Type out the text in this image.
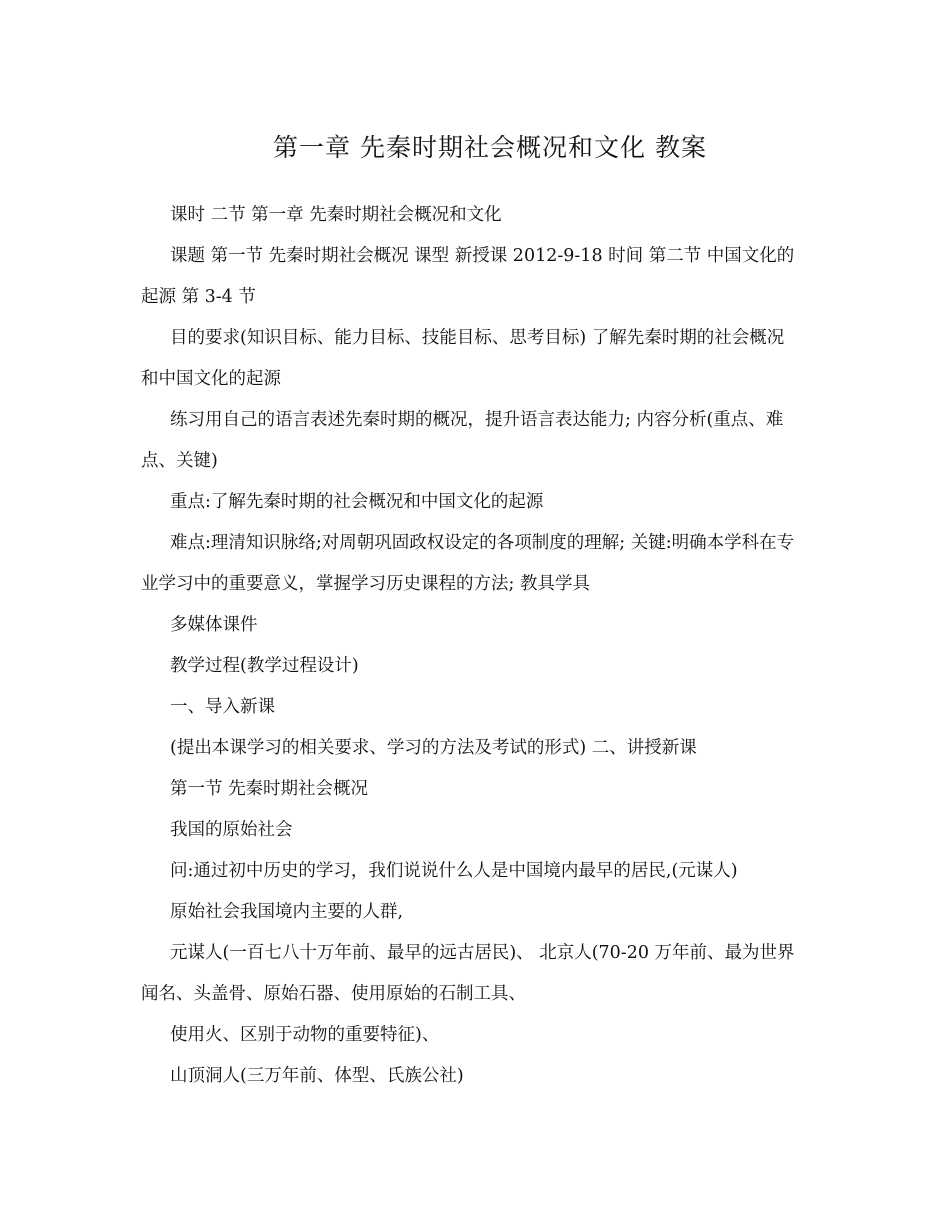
第一章 先秦时期社会概况和文化 教案

课时 二节 第一章 先秦时期社会概况和文化

课题 第一节 先秦时期社会概况 课型 新授课 2012-9-18 时间 第二节 中国文化的起源 第 3-4 节

目的要求(知识目标、能力目标、技能目标、思考目标) 了解先秦时期的社会概况和中国文化的起源

练习用自己的语言表述先秦时期的概况，提升语言表达能力; 内容分析(重点、难点、关键)

重点:了解先秦时期的社会概况和中国文化的起源

难点:理清知识脉络;对周朝巩固政权设定的各项制度的理解; 关键:明确本学科在专业学习中的重要意义，掌握学习历史课程的方法; 教具学具

多媒体课件

教学过程(教学过程设计)

一、导入新课

(提出本课学习的相关要求、学习的方法及考试的形式) 二、讲授新课

第一节 先秦时期社会概况

我国的原始社会

问:通过初中历史的学习，我们说说什么人是中国境内最早的居民,(元谋人)

原始社会我国境内主要的人群,

元谋人(一百七八十万年前、最早的远古居民)、 北京人(70-20 万年前、最为世界闻名、头盖骨、原始石器、使用原始的石制工具、

使用火、区别于动物的重要特征)、

山顶洞人(三万年前、体型、氏族公社)
